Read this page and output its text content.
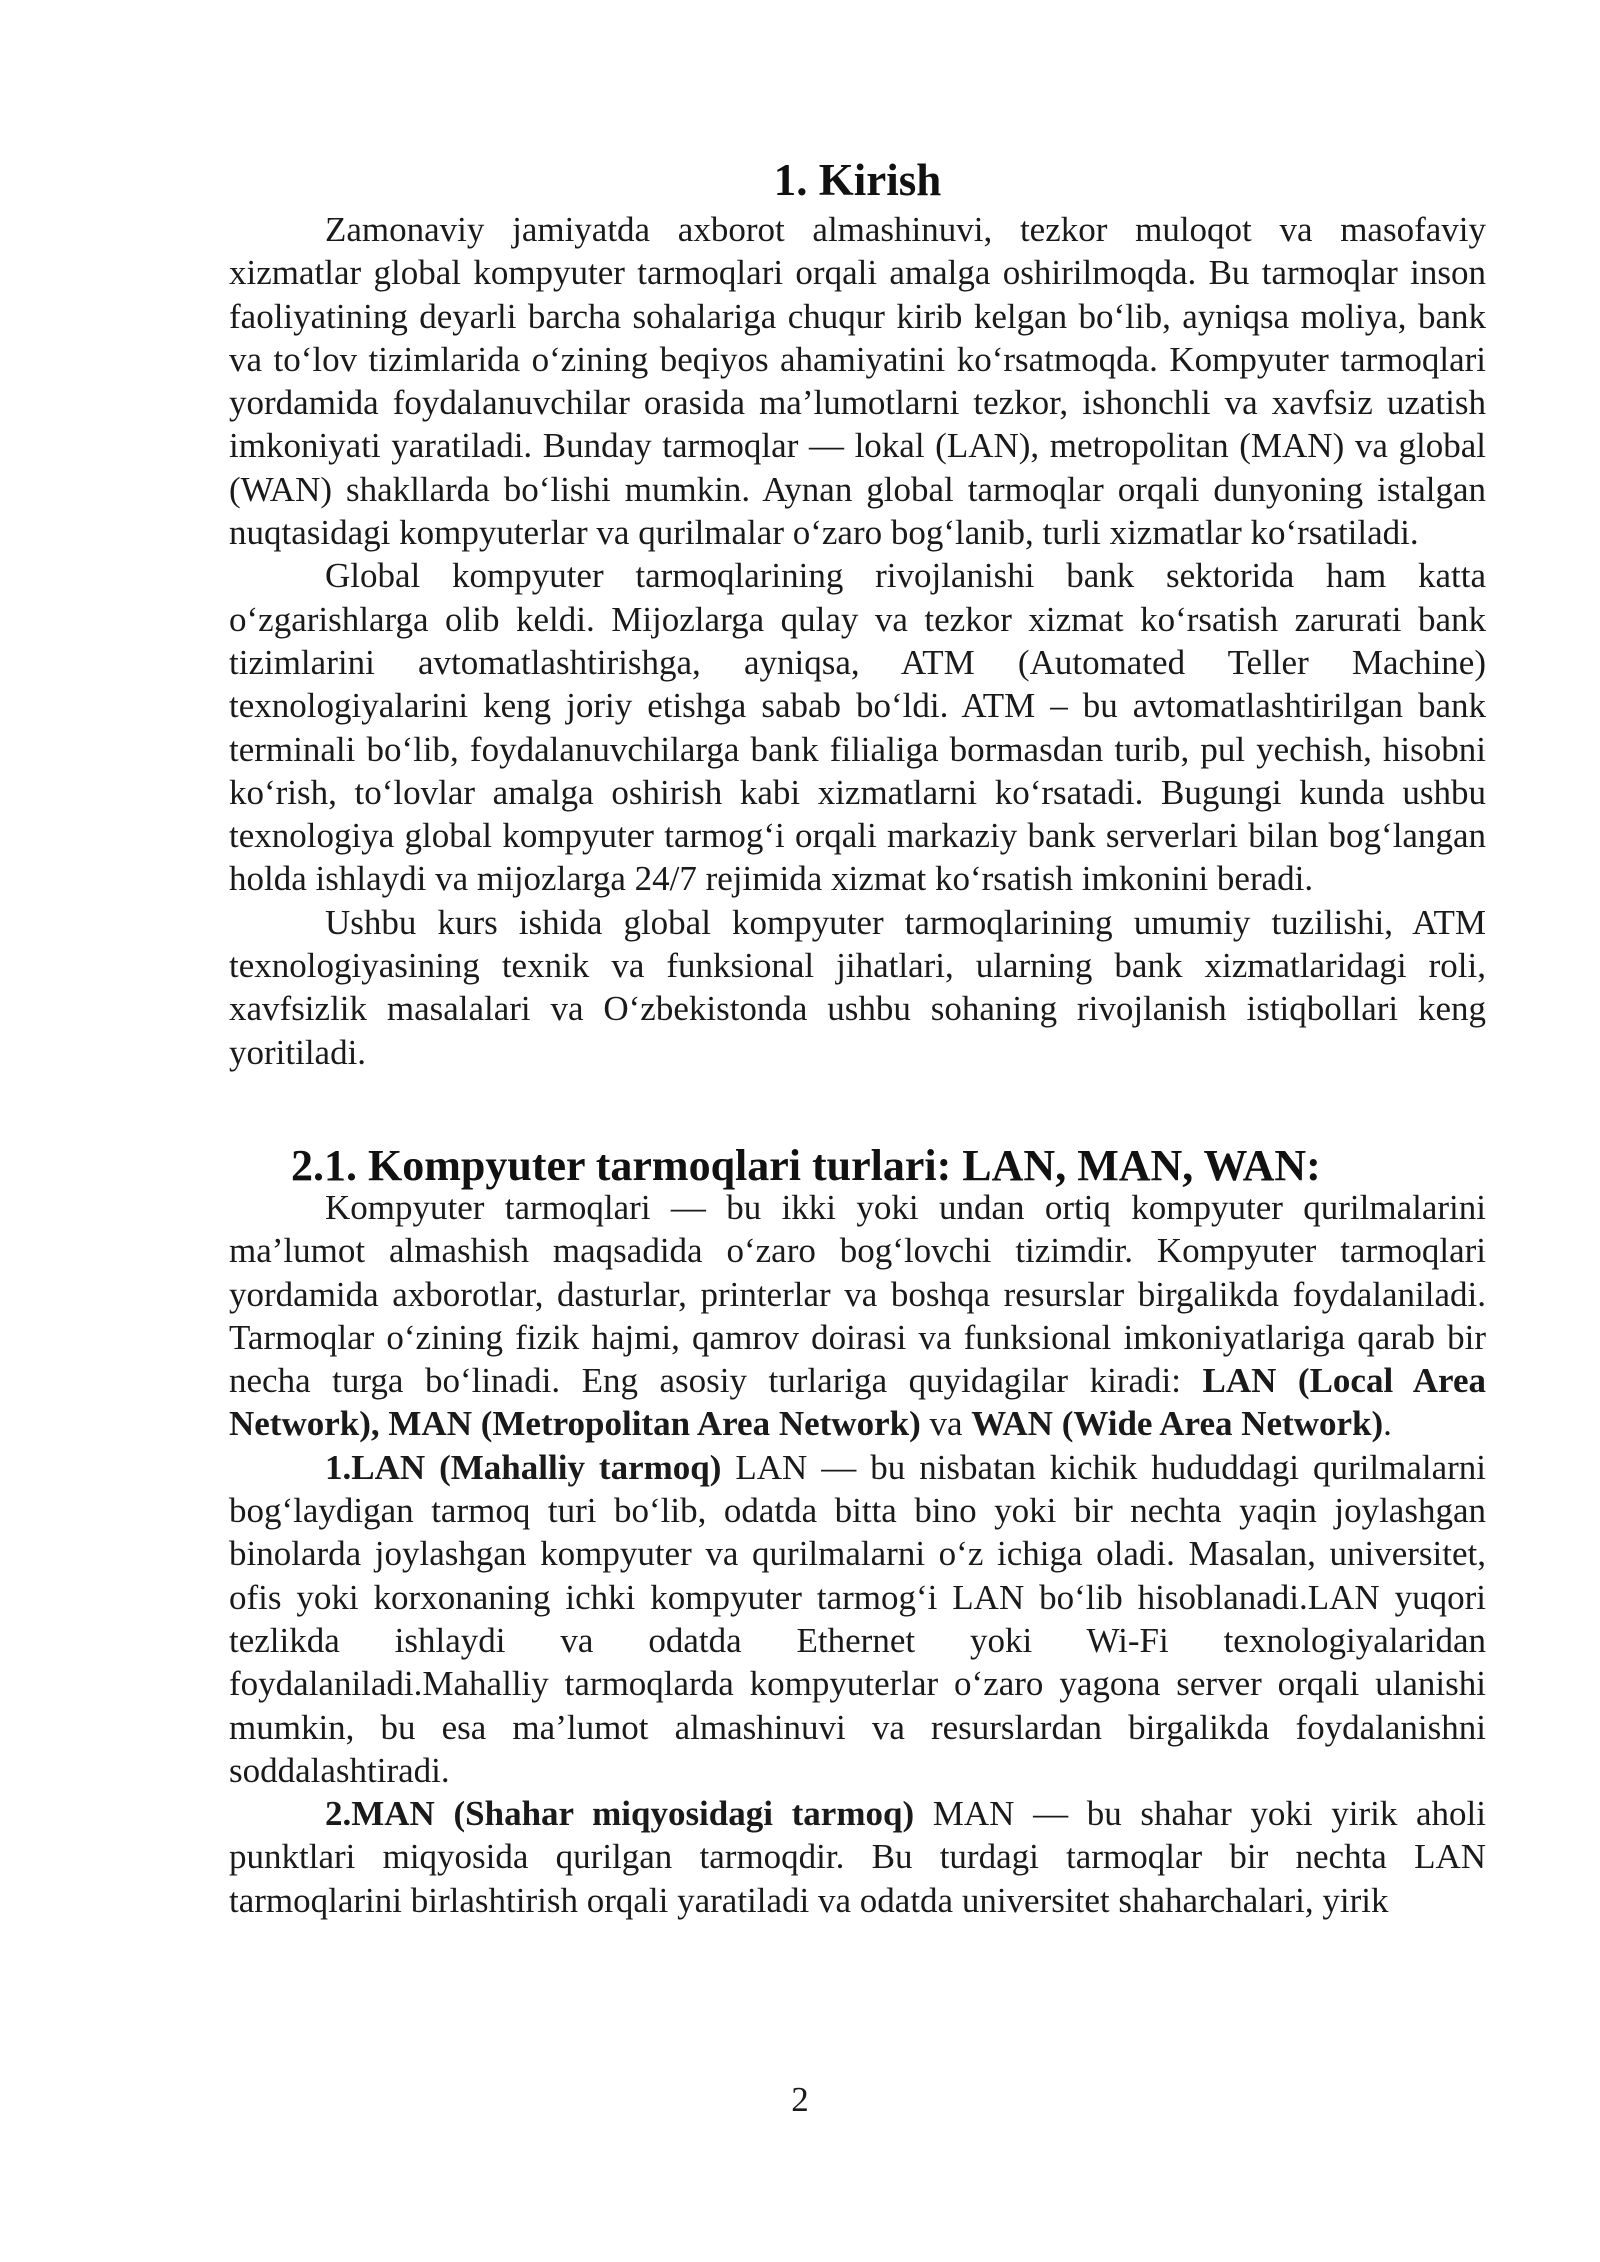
1. Kirish

Zamonaviy jamiyatda axborot almashinuvi, tezkor muloqot va masofaviy xizmatlar global kompyuter tarmoqlari orqali amalga oshirilmoqda. Bu tarmoqlar inson faoliyatining deyarli barcha sohalariga chuqur kirib kelgan bo‘lib, ayniqsa moliya, bank va to‘lov tizimlarida o‘zining beqiyos ahamiyatini ko‘rsatmoqda. Kompyuter tarmoqlari yordamida foydalanuvchilar orasida ma’lumotlarni tezkor, ishonchli va xavfsiz uzatish imkoniyati yaratiladi. Bunday tarmoqlar — lokal (LAN), metropolitan (MAN) va global (WAN) shakllarda bo‘lishi mumkin. Aynan global tarmoqlar orqali dunyoning istalgan nuqtasidagi kompyuterlar va qurilmalar o‘zaro bog‘lanib, turli xizmatlar ko‘rsatiladi.

Global kompyuter tarmoqlarining rivojlanishi bank sektorida ham katta o‘zgarishlarga olib keldi. Mijozlarga qulay va tezkor xizmat ko‘rsatish zarurati bank tizimlarini avtomatlashtirishga, ayniqsa, ATM (Automated Teller Machine) texnologiyalarini keng joriy etishga sabab bo‘ldi. ATM – bu avtomatlashtirilgan bank terminali bo‘lib, foydalanuvchilarga bank filialiga bormasdan turib, pul yechish, hisobni ko‘rish, to‘lovlar amalga oshirish kabi xizmatlarni ko‘rsatadi. Bugungi kunda ushbu texnologiya global kompyuter tarmog‘i orqali markaziy bank serverlari bilan bog‘langan holda ishlaydi va mijozlarga 24/7 rejimida xizmat ko‘rsatish imkonini beradi.

Ushbu kurs ishida global kompyuter tarmoqlarining umumiy tuzilishi, ATM texnologiyasining texnik va funksional jihatlari, ularning bank xizmatlaridagi roli, xavfsizlik masalalari va O‘zbekistonda ushbu sohaning rivojlanish istiqbollari keng yoritiladi.

2.1. Kompyuter tarmoqlari turlari: LAN, MAN, WAN:

Kompyuter tarmoqlari — bu ikki yoki undan ortiq kompyuter qurilmalarini ma’lumot almashish maqsadida o‘zaro bog‘lovchi tizimdir. Kompyuter tarmoqlari yordamida axborotlar, dasturlar, printerlar va boshqa resurslar birgalikda foydalaniladi. Tarmoqlar o‘zining fizik hajmi, qamrov doirasi va funksional imkoniyatlariga qarab bir necha turga bo‘linadi. Eng asosiy turlariga quyidagilar kiradi: LAN (Local Area Network), MAN (Metropolitan Area Network) va WAN (Wide Area Network).

1.LAN (Mahalliy tarmoq) LAN — bu nisbatan kichik hududdagi qurilmalarni bog‘laydigan tarmoq turi bo‘lib, odatda bitta bino yoki bir nechta yaqin joylashgan binolarda joylashgan kompyuter va qurilmalarni o‘z ichiga oladi. Masalan, universitet, ofis yoki korxonaning ichki kompyuter tarmog‘i LAN bo‘lib hisoblanadi.LAN yuqori tezlikda ishlaydi va odatda Ethernet yoki Wi-Fi texnologiyalaridan foydalaniladi.Mahalliy tarmoqlarda kompyuterlar o‘zaro yagona server orqali ulanishi mumkin, bu esa ma’lumot almashinuvi va resurslardan birgalikda foydalanishni soddalashtiradi.

2.MAN (Shahar miqyosidagi tarmoq) MAN — bu shahar yoki yirik aholi punktlari miqyosida qurilgan tarmoqdir. Bu turdagi tarmoqlar bir nechta LAN tarmoqlarini birlashtirish orqali yaratiladi va odatda universitet shaharchalari, yirik

2
